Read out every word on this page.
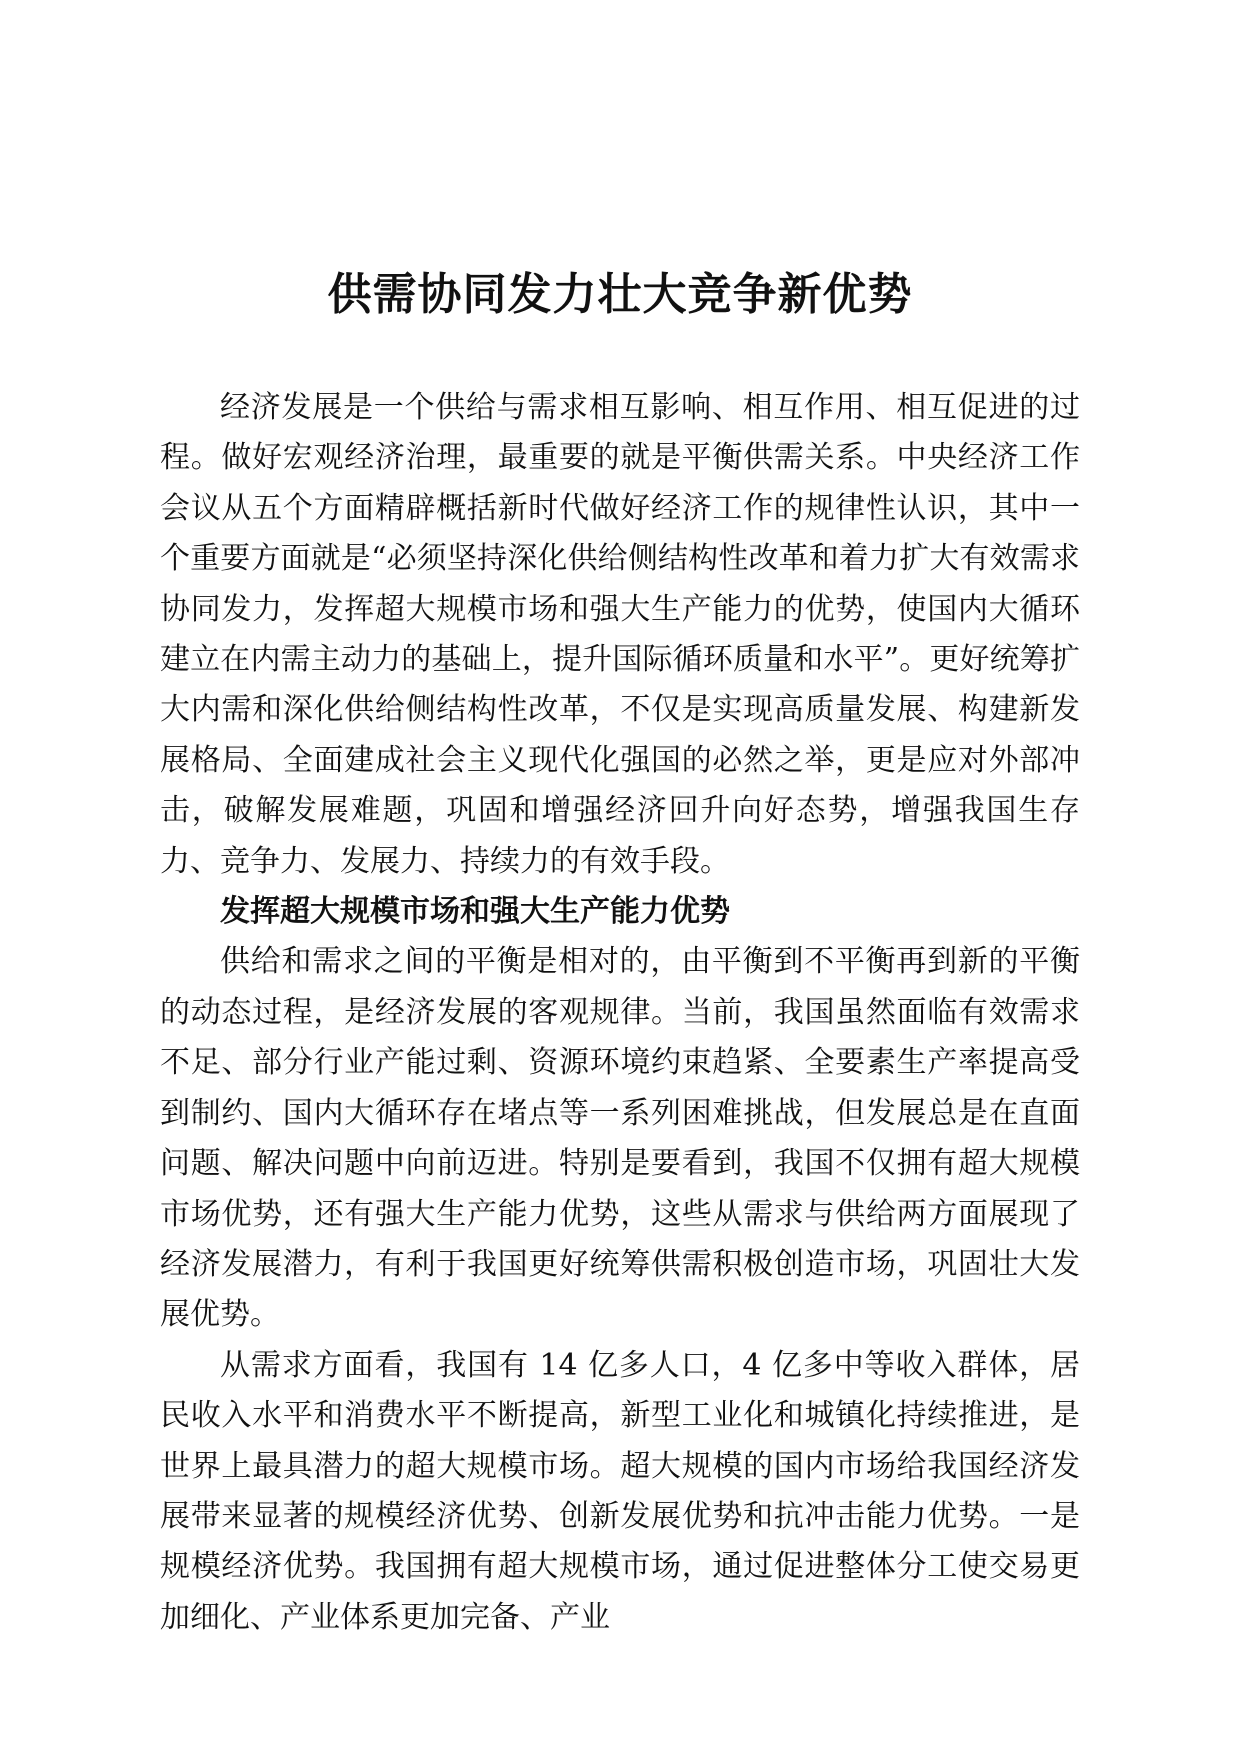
供需协同发力壮大竞争新优势

经济发展是一个供给与需求相互影响、相互作用、相互促进的过程。做好宏观经济治理，最重要的就是平衡供需关系。中央经济工作会议从五个方面精辟概括新时代做好经济工作的规律性认识，其中一个重要方面就是“必须坚持深化供给侧结构性改革和着力扩大有效需求协同发力，发挥超大规模市场和强大生产能力的优势，使国内大循环建立在内需主动力的基础上，提升国际循环质量和水平”。更好统筹扩大内需和深化供给侧结构性改革，不仅是实现高质量发展、构建新发展格局、全面建成社会主义现代化强国的必然之举，更是应对外部冲击，破解发展难题，巩固和增强经济回升向好态势，增强我国生存力、竞争力、发展力、持续力的有效手段。

发挥超大规模市场和强大生产能力优势

供给和需求之间的平衡是相对的，由平衡到不平衡再到新的平衡的动态过程，是经济发展的客观规律。当前，我国虽然面临有效需求不足、部分行业产能过剩、资源环境约束趋紧、全要素生产率提高受到制约、国内大循环存在堵点等一系列困难挑战，但发展总是在直面问题、解决问题中向前迈进。特别是要看到，我国不仅拥有超大规模市场优势，还有强大生产能力优势，这些从需求与供给两方面展现了经济发展潜力，有利于我国更好统筹供需积极创造市场，巩固壮大发展优势。

从需求方面看，我国有 14 亿多人口，4 亿多中等收入群体，居民收入水平和消费水平不断提高，新型工业化和城镇化持续推进，是世界上最具潜力的超大规模市场。超大规模的国内市场给我国经济发展带来显著的规模经济优势、创新发展优势和抗冲击能力优势。一是规模经济优势。我国拥有超大规模市场，通过促进整体分工使交易更加细化、产业体系更加完备、产业
